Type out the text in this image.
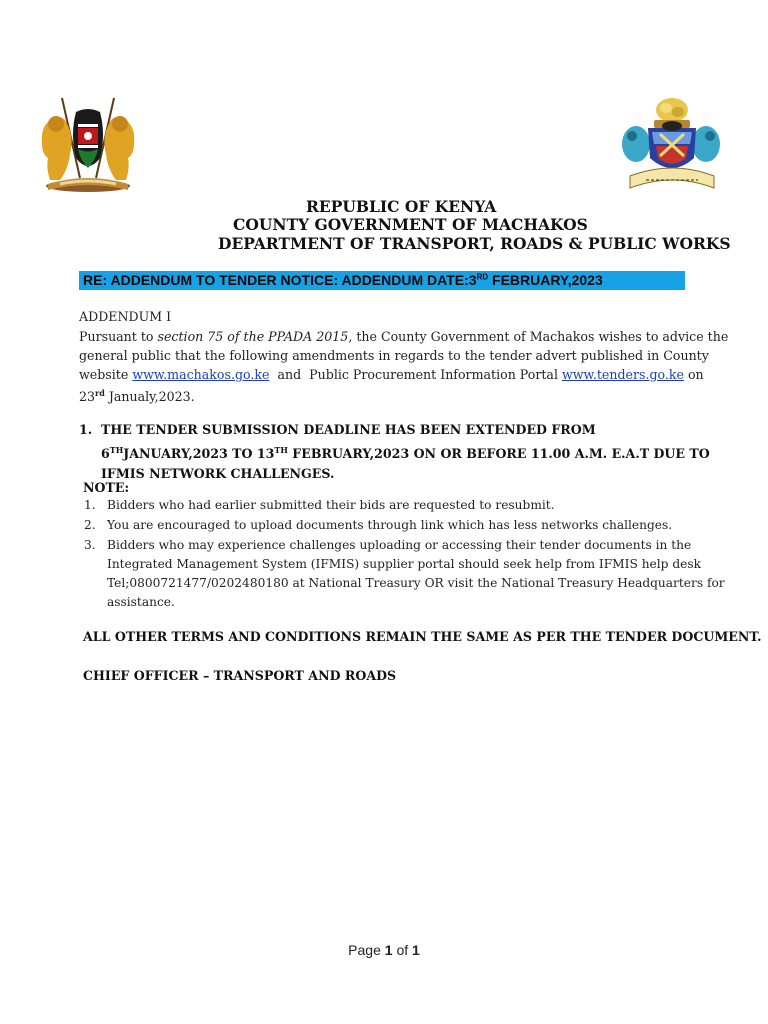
REPUBLIC OF KENYA
COUNTY GOVERNMENT OF MACHAKOS
DEPARTMENT OF TRANSPORT, ROADS & PUBLIC WORKS
RE: ADDENDUM TO TENDER NOTICE: ADDENDUM DATE:3RD FEBRUARY,2023
ADDENDUM I
Pursuant to section 75 of the PPADA 2015, the County Government of Machakos wishes to advice the general public that the following amendments in regards to the tender advert published in County website www.machakos.go.ke  and  Public Procurement Information Portal www.tenders.go.ke on 23rd Janualy,2023.
1. THE TENDER SUBMISSION DEADLINE HAS BEEN EXTENDED FROM 6THJANUARY,2023 TO 13TH FEBRUARY,2023 ON OR BEFORE 11.00 A.M. E.A.T DUE TO IFMIS NETWORK CHALLENGES.
NOTE:
1. Bidders who had earlier submitted their bids are requested to resubmit.
2. You are encouraged to upload documents through link which has less networks challenges.
3. Bidders who may experience challenges uploading or accessing their tender documents in the Integrated Management System (IFMIS) supplier portal should seek help from IFMIS help desk Tel;0800721477/0202480180 at National Treasury OR visit the National Treasury Headquarters for assistance.
ALL OTHER TERMS AND CONDITIONS REMAIN THE SAME AS PER THE TENDER DOCUMENT.
CHIEF OFFICER – TRANSPORT AND ROADS
Page 1 of 1
